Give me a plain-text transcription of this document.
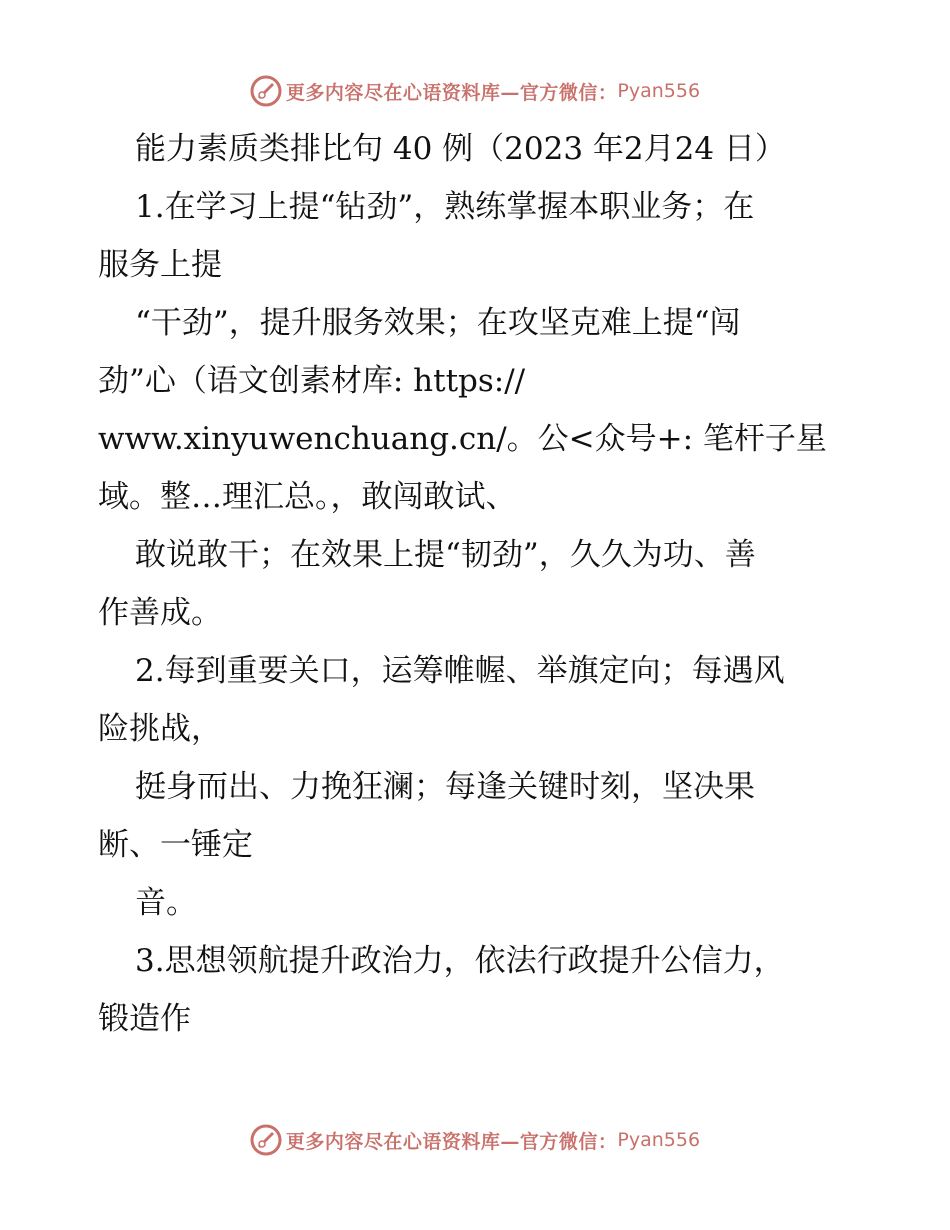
更多内容尽在心语资料库—官方微信： Pyan556
能力素质类排比句 40 例（2023 年2月24 日）
1.在学习上提“钻劲”，熟练掌握本职业务；在
服务上提
“干劲”，提升服务效果；在攻坚克难上提“闯
劲”心（语文创素材库: https://
www.xinyuwenchuang.cn/。公<众号+: 笔杆子星
域。整…理汇总。，敢闯敢试、
敢说敢干；在效果上提“韧劲”，久久为功、善
作善成。
2.每到重要关口，运筹帷幄、举旗定向；每遇风
险挑战，
挺身而出、力挽狂澜；每逢关键时刻，坚决果
断、一锤定
音。
3.思想领航提升政治力，依法行政提升公信力，
锻造作
更多内容尽在心语资料库—官方微信： Pyan556
